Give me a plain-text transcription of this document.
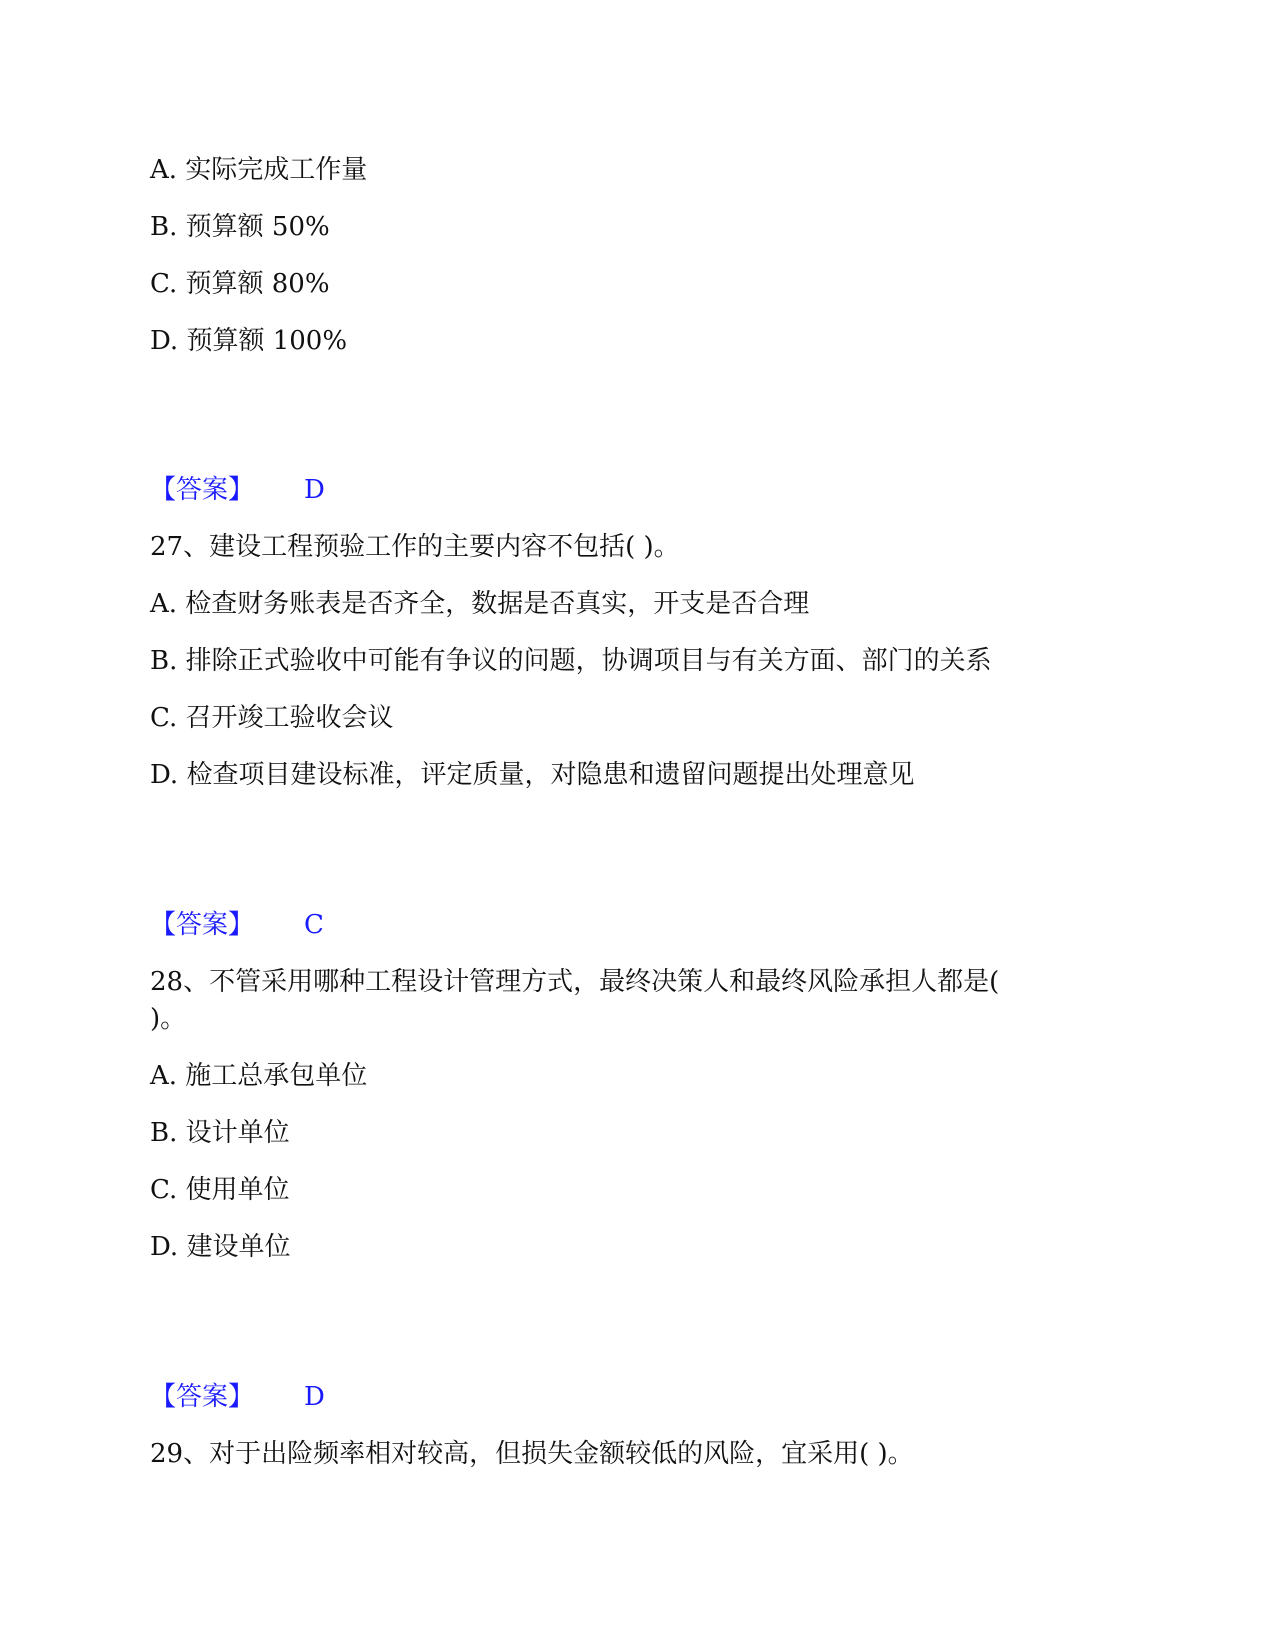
A. 实际完成工作量

B. 预算额 50%

C. 预算额 80%

D. 预算额 100%

【答案】 D

27、建设工程预验工作的主要内容不包括( )。

A. 检查财务账表是否齐全，数据是否真实，开支是否合理

B. 排除正式验收中可能有争议的问题，协调项目与有关方面、部门的关系

C. 召开竣工验收会议

D. 检查项目建设标准，评定质量，对隐患和遗留问题提出处理意见

【答案】 C

28、不管采用哪种工程设计管理方式，最终决策人和最终风险承担人都是(

)。

A. 施工总承包单位

B. 设计单位

C. 使用单位

D. 建设单位

【答案】 D

29、对于出险频率相对较高，但损失金额较低的风险，宜采用( )。
